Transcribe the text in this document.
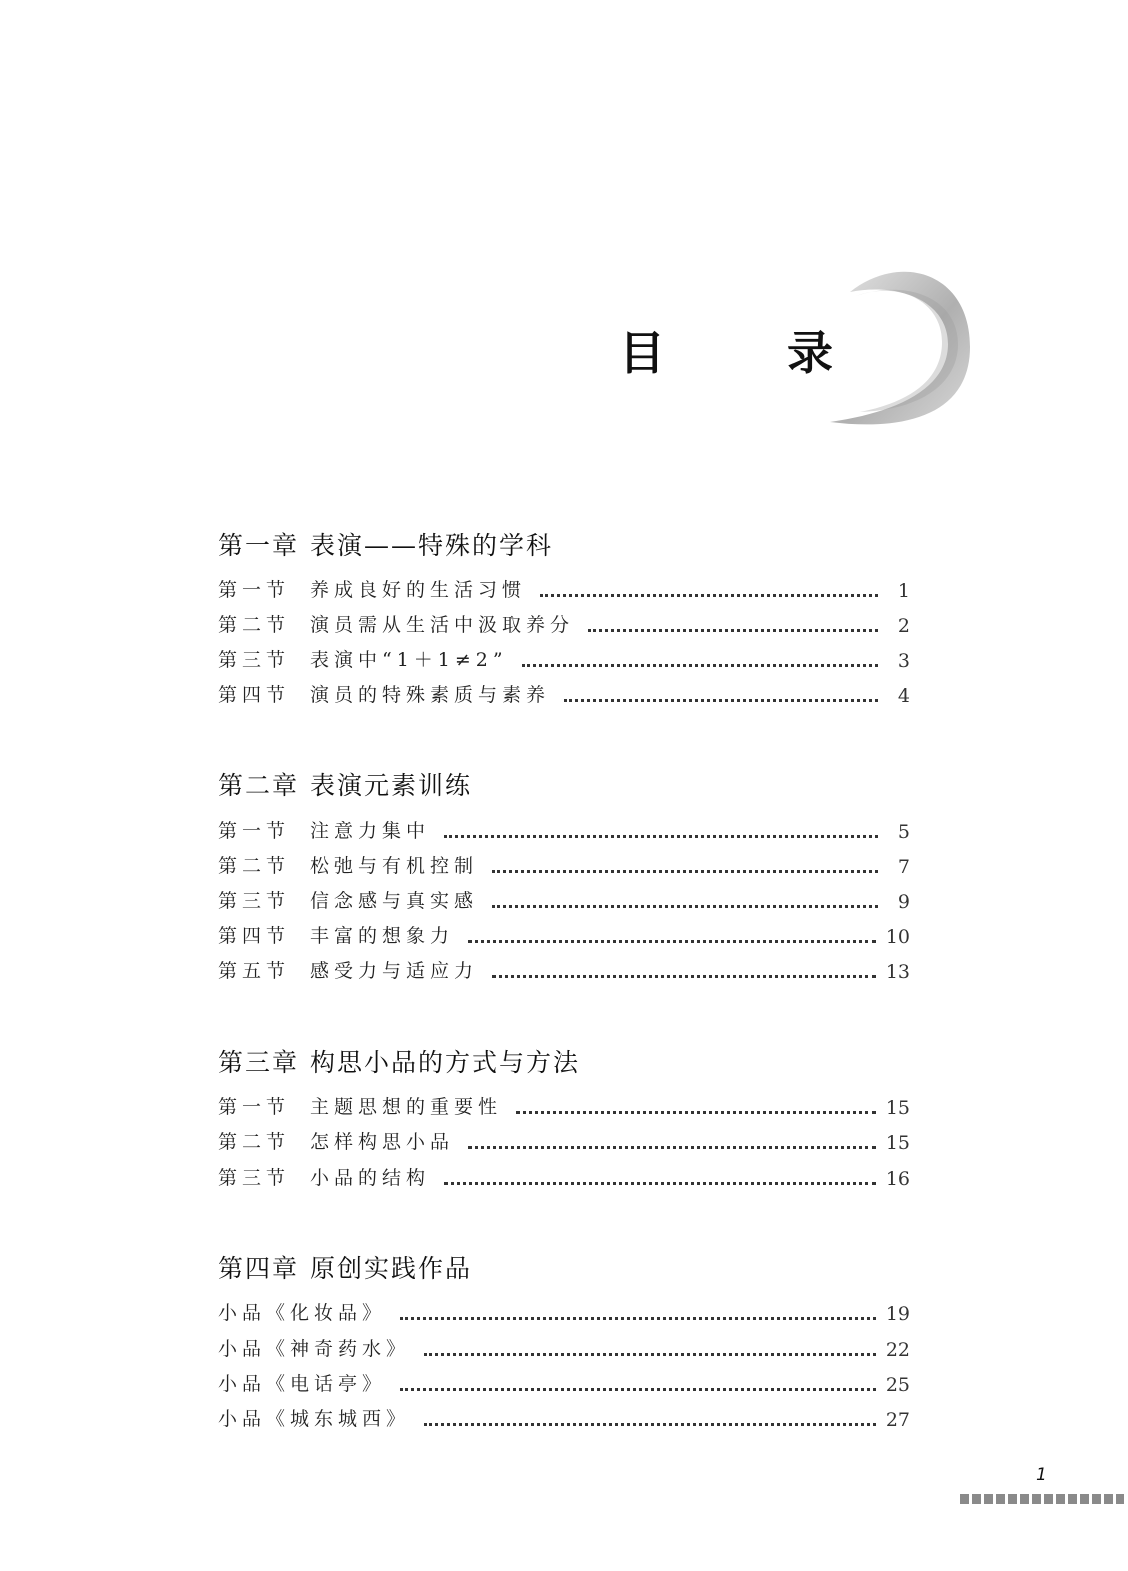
目	录
第一章 表演——特殊的学科
第一节	养成良好的生活习惯	1
第二节	演员需从生活中汲取养分	2
第三节	表演中“1＋1≠2”	3
第四节	演员的特殊素质与素养	4
第二章 表演元素训练
第一节	注意力集中	5
第二节	松弛与有机控制	7
第三节	信念感与真实感	9
第四节	丰富的想象力	10
第五节	感受力与适应力	13
第三章 构思小品的方式与方法
第一节	主题思想的重要性	15
第二节	怎样构思小品	15
第三节	小品的结构	16
第四章 原创实践作品
小品《化妆品》	19
小品《神奇药水》	22
小品《电话亭》	25
小品《城东城西》	27
1
